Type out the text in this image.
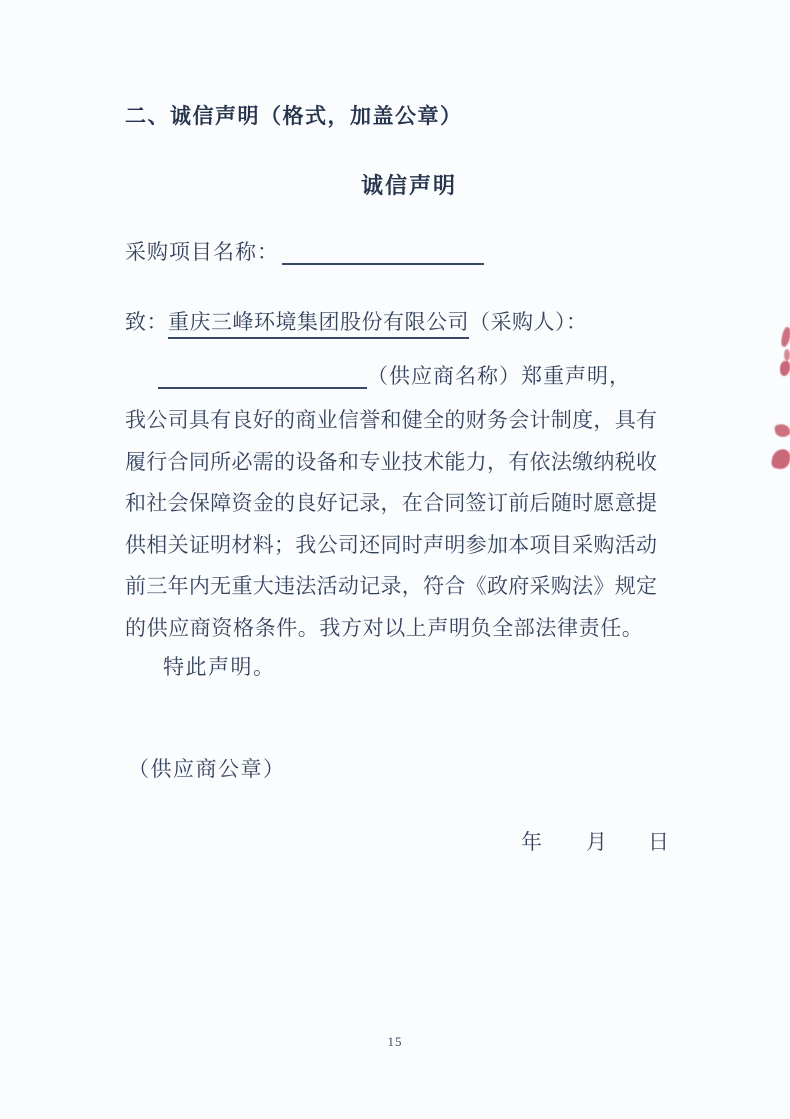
二、诚信声明（格式，加盖公章）
诚信声明
采购项目名称：
致：重庆三峰环境集团股份有限公司（采购人）：
（供应商名称）郑重声明，
我公司具有良好的商业信誉和健全的财务会计制度，具有
履行合同所必需的设备和专业技术能力，有依法缴纳税收
和社会保障资金的良好记录，在合同签订前后随时愿意提
供相关证明材料；我公司还同时声明参加本项目采购活动
前三年内无重大违法活动记录，符合《政府采购法》规定
的供应商资格条件。我方对以上声明负全部法律责任。
特此声明。
（供应商公章）
年 月 日
15
